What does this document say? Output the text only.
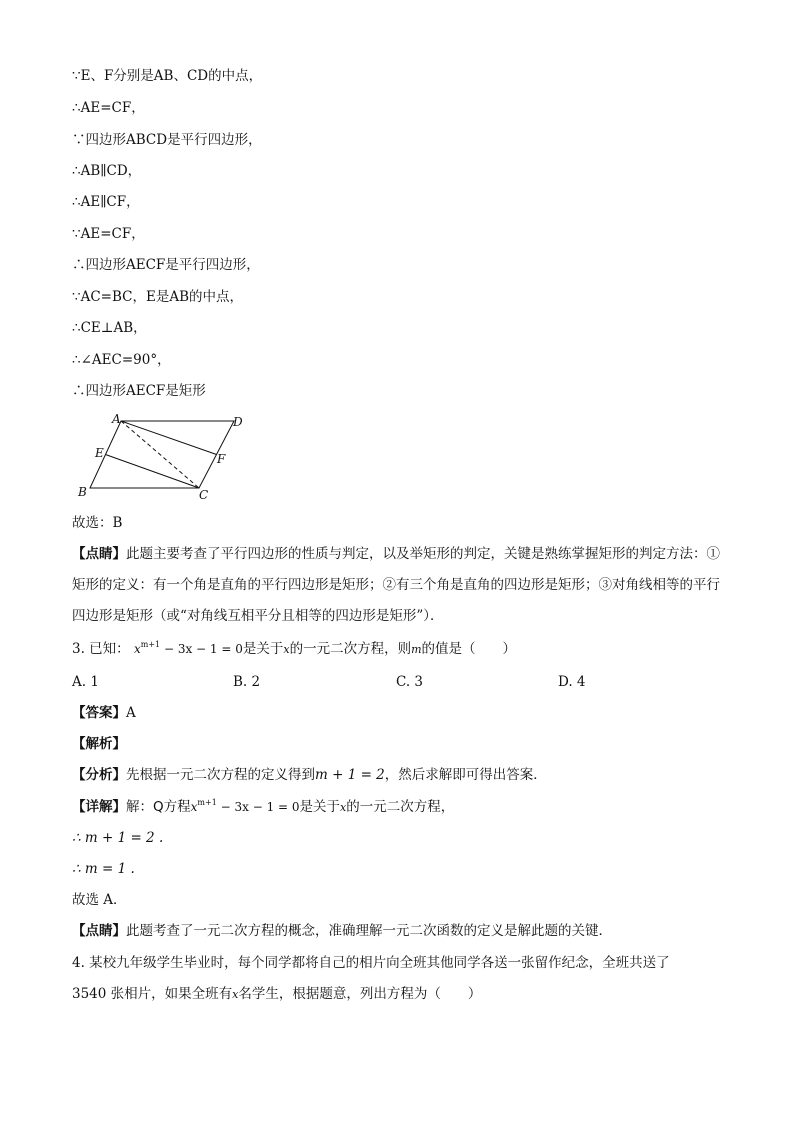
∵E、F分别是AB、CD的中点，
∴AE=CF，
∵四边形ABCD是平行四边形，
∴AB∥CD，
∴AE∥CF，
∵AE=CF，
∴四边形AECF是平行四边形，
∵AC=BC，E是AB的中点，
∴CE⊥AB，
∴∠AEC=90°，
∴四边形AECF是矩形
A	D
E	F
B	C
故选：B
【点睛】此题主要考查了平行四边形的性质与判定，以及举矩形的判定，关键是熟练掌握矩形的判定方法：①矩形的定义：有一个角是直角的平行四边形是矩形；②有三个角是直角的四边形是矩形；③对角线相等的平行四边形是矩形（或“对角线互相平分且相等的四边形是矩形”）．
3. 已知： $x^{m+1} - 3x - 1 = 0$是关于x的一元二次方程，则m的值是（　　）
A. 1	B. 2	C. 3	D. 4
【答案】A
【解析】
【分析】先根据一元二次方程的定义得到m + 1 = 2，然后求解即可得出答案．
【详解】解：Q方程$x^{m+1} - 3x - 1 = 0$是关于x的一元二次方程，
∴ m + 1 = 2 .
∴ m = 1 .
故选 A．
【点睛】此题考查了一元二次方程的概念，准确理解一元二次函数的定义是解此题的关键．
4. 某校九年级学生毕业时，每个同学都将自己的相片向全班其他同学各送一张留作纪念，全班共送了
3540 张相片，如果全班有x名学生，根据题意，列出方程为（　　）
